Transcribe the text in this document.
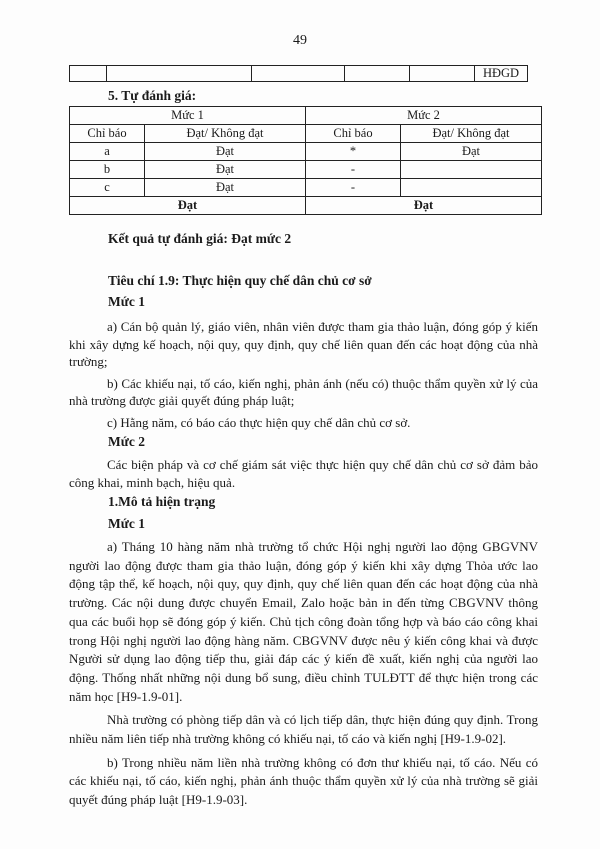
49
					HĐGD
5. Tự đánh giá:
Mức 1		Mức 2	
Chỉ báo	Đạt/ Không đạt	Chỉ báo	Đạt/ Không đạt
a	Đạt	*	Đạt
b	Đạt	-	
c	Đạt	-	
Đạt		Đạt	
Kết quả tự đánh giá: Đạt mức 2
Tiêu chí 1.9: Thực hiện quy chế dân chủ cơ sở
Mức 1

a) Cán bộ quản lý, giáo viên, nhân viên được tham gia thảo luận, đóng góp ý kiến khi xây dựng kế hoạch, nội quy, quy định, quy chế liên quan đến các hoạt động của nhà trường;

b) Các khiếu nại, tố cáo, kiến nghị, phản ánh (nếu có) thuộc thẩm quyền xử lý của nhà trường được giải quyết đúng pháp luật;

c) Hằng năm, có báo cáo thực hiện quy chế dân chủ cơ sở.

Mức 2

Các biện pháp và cơ chế giám sát việc thực hiện quy chế dân chủ cơ sở đảm bảo công khai, minh bạch, hiệu quả.

1.Mô tả hiện trạng
Mức 1

a) Tháng 10 hàng năm nhà trường tổ chức Hội nghị người lao động GBGVNV người lao động được tham gia thảo luận, đóng góp ý kiến khi xây dựng Thỏa ước lao động tập thể, kế hoạch, nội quy, quy định, quy chế liên quan đến các hoạt động của nhà trường. Các nội dung được chuyển Email, Zalo hoặc bản in đến từng CBGVNV thông qua các buổi họp sẽ đóng góp ý kiến. Chủ tịch công đoàn tổng hợp và báo cáo công khai trong Hội nghị người lao động hàng năm. CBGVNV được nêu ý kiến công khai và được Người sử dụng lao động tiếp thu, giải đáp các ý kiến đề xuất, kiến nghị của người lao động. Thống nhất những nội dung bổ sung, điều chỉnh TULĐTT để thực hiện trong các năm học [H9-1.9-01].

Nhà trường có phòng tiếp dân và có lịch tiếp dân, thực hiện đúng quy định. Trong nhiều năm liên tiếp nhà trường không có khiếu nại, tố cáo và kiến nghị [H9-1.9-02].

b) Trong nhiều năm liền nhà trường không có đơn thư khiếu nại, tố cáo. Nếu có các khiếu nại, tố cáo, kiến nghị, phản ánh thuộc thẩm quyền xử lý của nhà trường sẽ giải quyết đúng pháp luật [H9-1.9-03].
